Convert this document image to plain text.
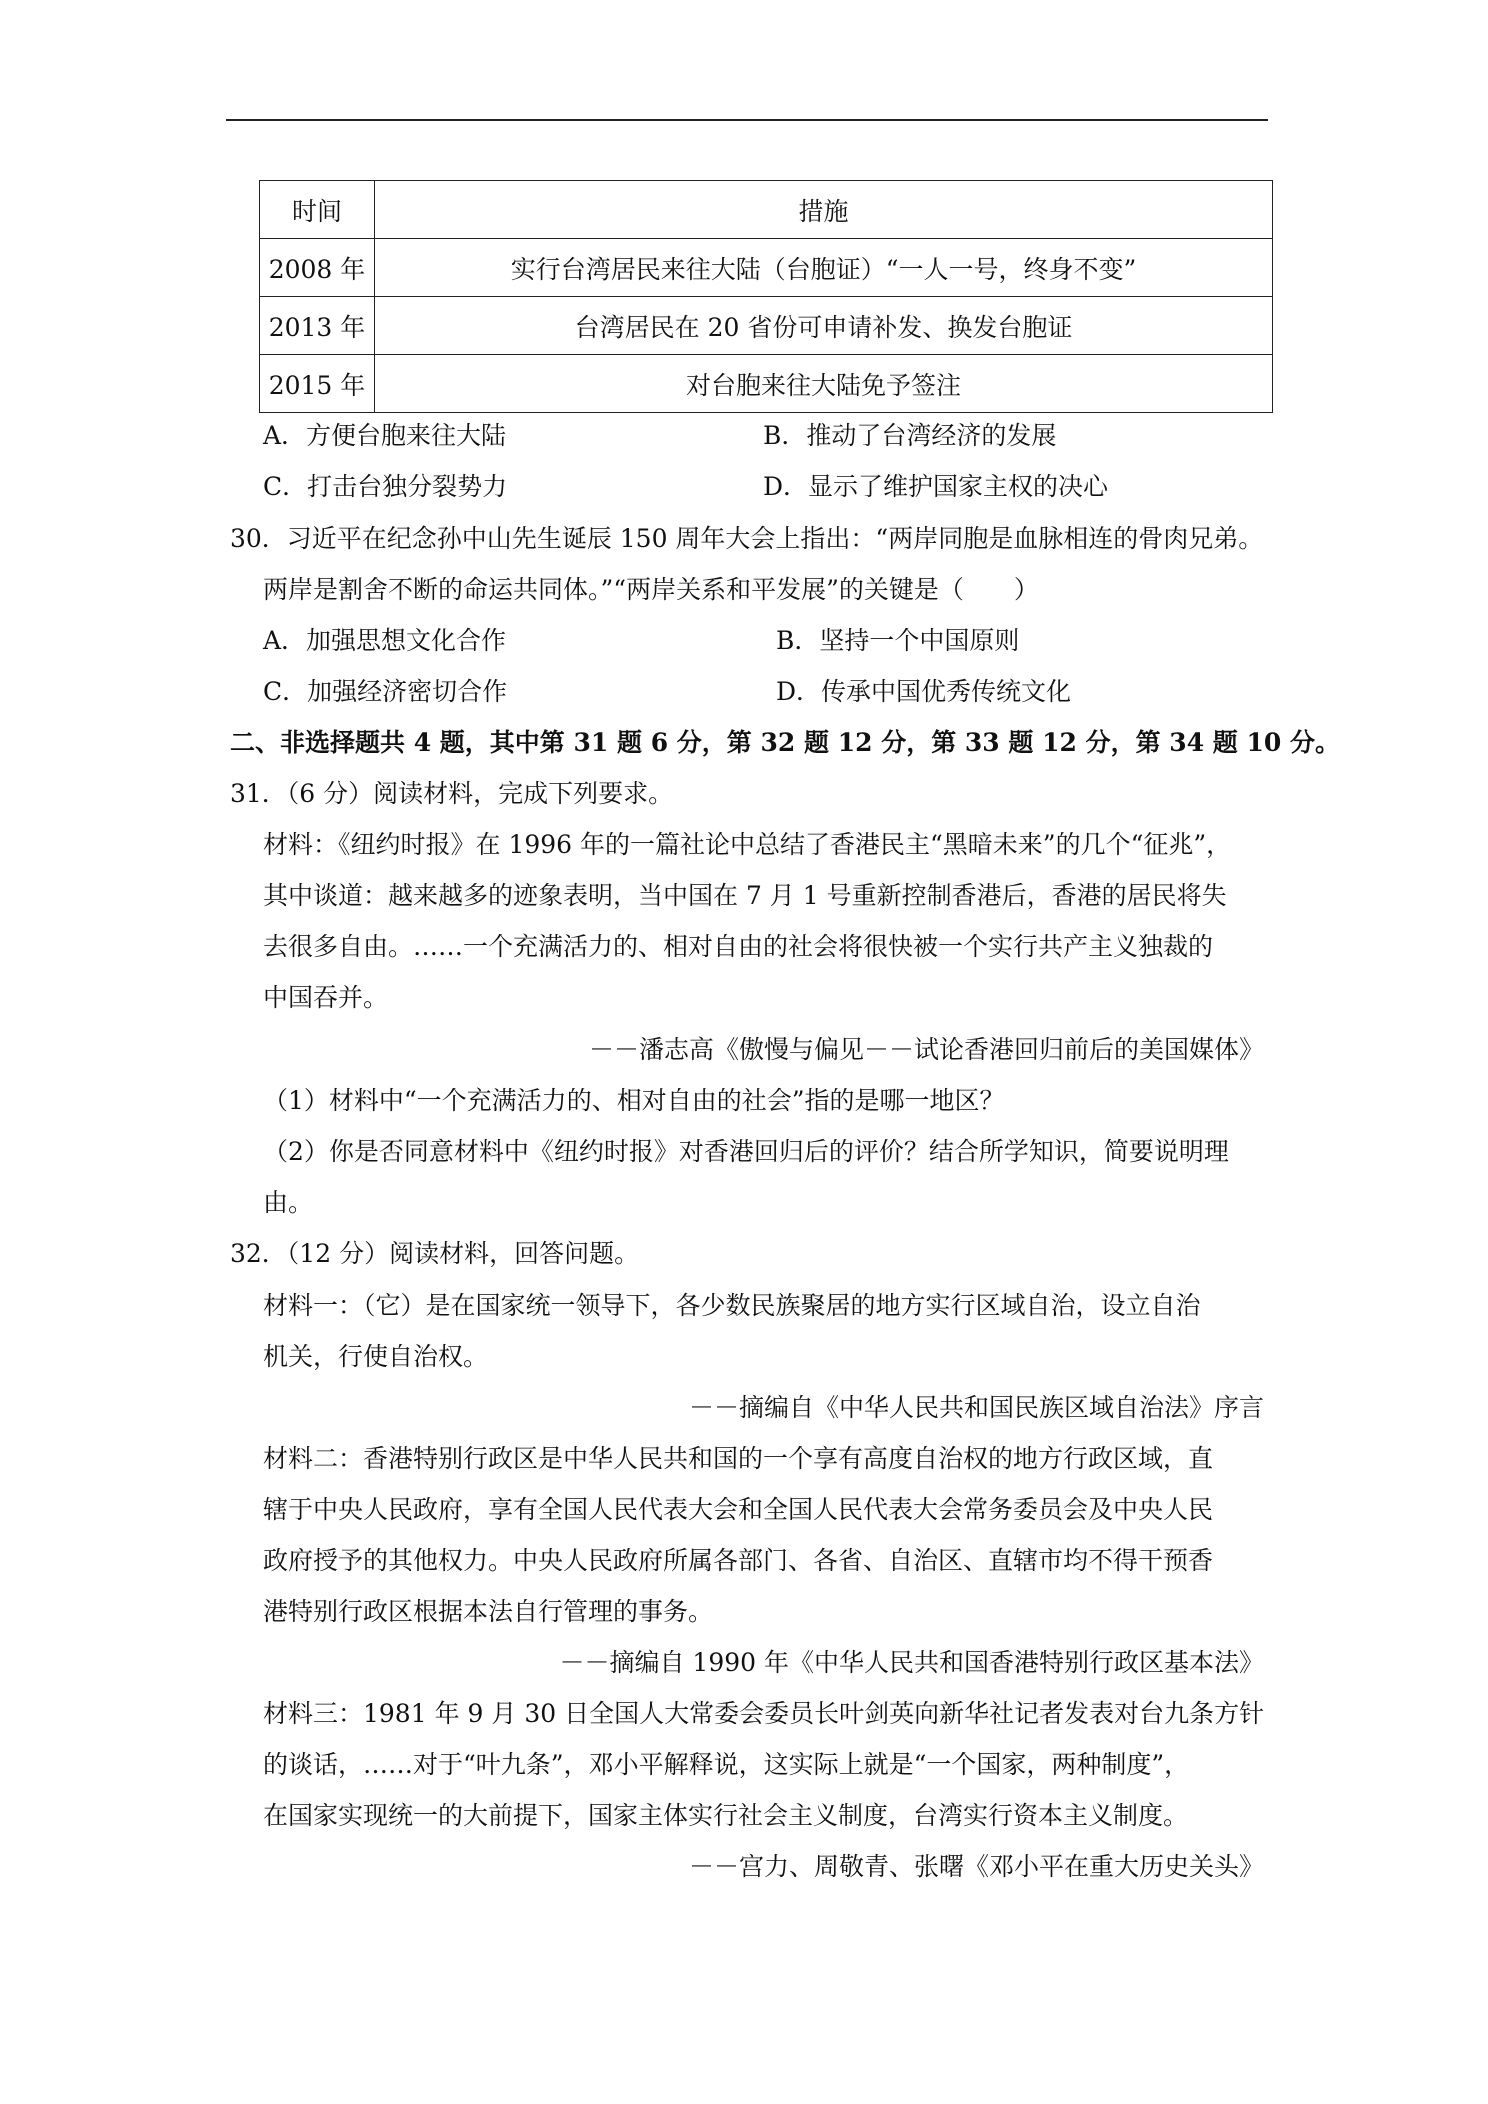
时间	措施
2008 年	实行台湾居民来往大陆（台胞证）“一人一号，终身不变”
2013 年	台湾居民在 20 省份可申请补发、换发台胞证
2015 年	对台胞来往大陆免予签注
A．方便台胞来往大陆	B．推动了台湾经济的发展
C．打击台独分裂势力	D．显示了维护国家主权的决心
30．习近平在纪念孙中山先生诞辰 150 周年大会上指出：“两岸同胞是血脉相连的骨肉兄弟。
两岸是割舍不断的命运共同体。”“两岸关系和平发展”的关键是（　　）
A．加强思想文化合作	B．坚持一个中国原则
C．加强经济密切合作	D．传承中国优秀传统文化
二、非选择题共 4 题，其中第 31 题 6 分，第 32 题 12 分，第 33 题 12 分，第 34 题 10 分。
31．（6 分）阅读材料，完成下列要求。
材料：《纽约时报》在 1996 年的一篇社论中总结了香港民主“黑暗未来”的几个“征兆”，
其中谈道：越来越多的迹象表明，当中国在 7 月 1 号重新控制香港后，香港的居民将失
去很多自由。……一个充满活力的、相对自由的社会将很快被一个实行共产主义独裁的
中国吞并。
－－潘志高《傲慢与偏见－－试论香港回归前后的美国媒体》
（1）材料中“一个充满活力的、相对自由的社会”指的是哪一地区？
（2）你是否同意材料中《纽约时报》对香港回归后的评价？结合所学知识，简要说明理
由。
32．（12 分）阅读材料，回答问题。
材料一：（它）是在国家统一领导下，各少数民族聚居的地方实行区域自治，设立自治
机关，行使自治权。
－－摘编自《中华人民共和国民族区域自治法》序言
材料二：香港特别行政区是中华人民共和国的一个享有高度自治权的地方行政区域，直
辖于中央人民政府，享有全国人民代表大会和全国人民代表大会常务委员会及中央人民
政府授予的其他权力。中央人民政府所属各部门、各省、自治区、直辖市均不得干预香
港特别行政区根据本法自行管理的事务。
－－摘编自 1990 年《中华人民共和国香港特别行政区基本法》
材料三：1981 年 9 月 30 日全国人大常委会委员长叶剑英向新华社记者发表对台九条方针
的谈话，……对于“叶九条”，邓小平解释说，这实际上就是“一个国家，两种制度”，
在国家实现统一的大前提下，国家主体实行社会主义制度，台湾实行资本主义制度。
－－宫力、周敬青、张曙《邓小平在重大历史关头》
